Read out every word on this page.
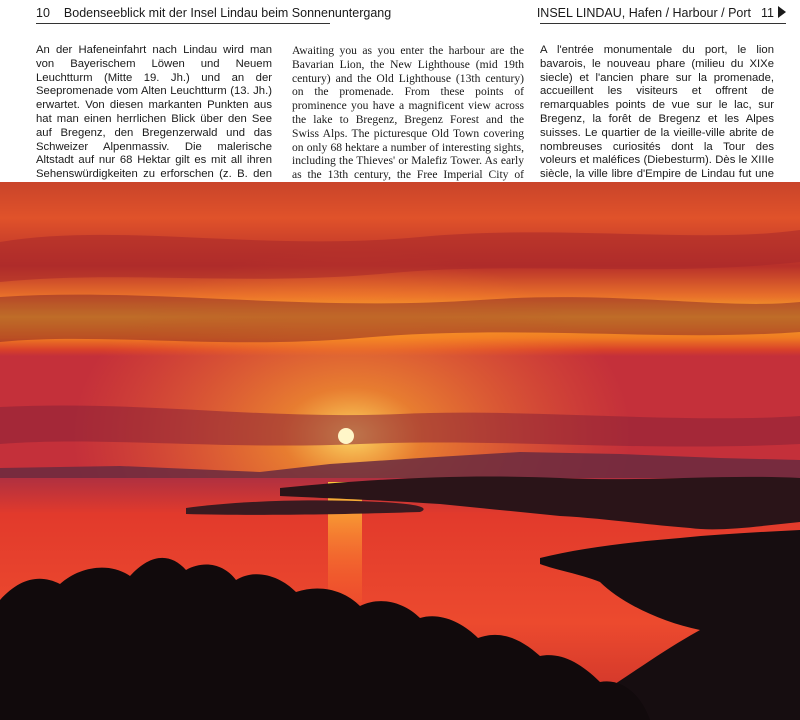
10 Bodenseeblick mit der Insel Lindau beim Sonnenuntergang	INSEL LINDAU, Hafen / Harbour / Port 11
An der Hafeneinfahrt nach Lindau wird man von Bayerischem Löwen und Neuem Leuchtturm (Mitte 19. Jh.) und an der Seepromenade vom Alten Leuchtturm (13. Jh.) erwartet. Von diesen markanten Punkten aus hat man einen herrlichen Blick über den See auf Bregenz, den Bregenzerwald und das Schweizer Alpenmassiv. Die malerische Altstadt auf nur 68 Hektar gilt es mit all ihren Sehenswürdigkeiten zu erforschen (z. B. den
Awaiting you as you enter the harbour are the Bavarian Lion, the New Lighthouse (mid 19th century) and the Old Lighthouse (13th century) on the promenade. From these points of prominence you have a magnificent view across the lake to Bregenz, Bregenz Forest and the Swiss Alps. The picturesque Old Town covering on only 68 hektare a number of interesting sights, including the Thieves' or Malefiz Tower. As early as the 13th century, the Free Imperial City of
A l'entrée monumentale du port, le lion bavarois, le nouveau phare (milieu du XIXe siecle) et l'ancien phare sur la promenade, accueillent les visiteurs et offrent de remarquables points de vue sur le lac, sur Bregenz, la forêt de Bregenz et les Alpes suisses. Le quartier de la vieille-ville abrite de nombreuses curiosités dont la Tour des voleurs et maléfices (Diebesturm). Dès le XIIIe siècle, la ville libre d'Empire de Lindau fut une
